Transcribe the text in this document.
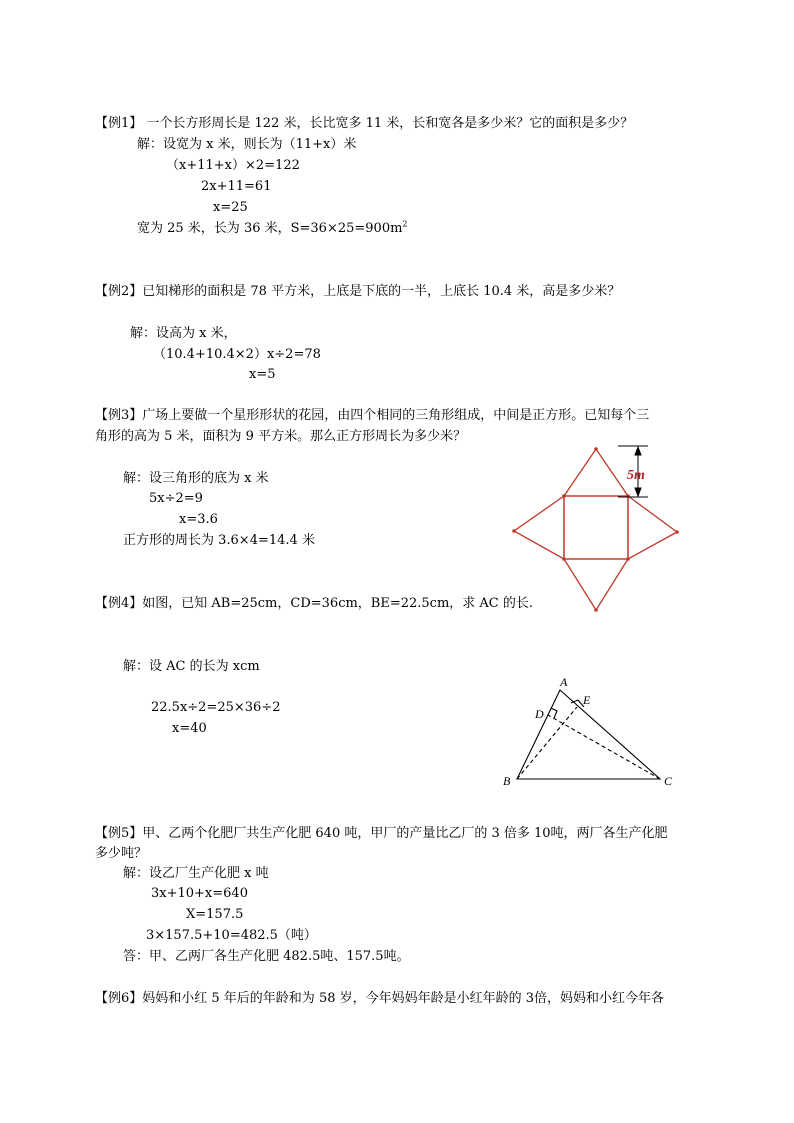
【例1】 一个长方形周长是 122 米，长比宽多 11 米，长和宽各是多少米？它的面积是多少？
解：设宽为 x 米，则长为（11+x）米
（x+11+x）×2=122
2x+11=61
x=25
宽为 25 米，长为 36 米，$S=36\times 25=900m^2$
【例2】已知梯形的面积是 78 平方米，上底是下底的一半，上底长 10.4 米，高是多少米？
解：设高为 x 米，
（10.4+10.4×2）x÷2=78
x=5
【例3】广场上要做一个星形形状的花园，由四个相同的三角形组成，中间是正方形。已知每个三
角形的高为 5 米，面积为 9 平方米。那么正方形周长为多少米？
解：设三角形的底为 x 米
5x÷2=9
x=3.6
正方形的周长为 3.6×4=14.4 米
【例4】如图，已知 AB=25cm，CD=36cm，BE=22.5cm，求 AC 的长.
解：设 AC 的长为 xcm
22.5x÷2=25×36÷2
x=40
【例5】甲、乙两个化肥厂共生产化肥 640 吨，甲厂的产量比乙厂的 3 倍多 10吨，两厂各生产化肥
多少吨？
解：设乙厂生产化肥 x 吨
3x+10+x=640
X=157.5
3×157.5+10=482.5（吨）
答：甲、乙两厂各生产化肥 482.5吨、157.5吨。
【例6】妈妈和小红 5 年后的年龄和为 58 岁，今年妈妈年龄是小红年龄的 3倍，妈妈和小红今年各
5m
A
E
D
B	C
